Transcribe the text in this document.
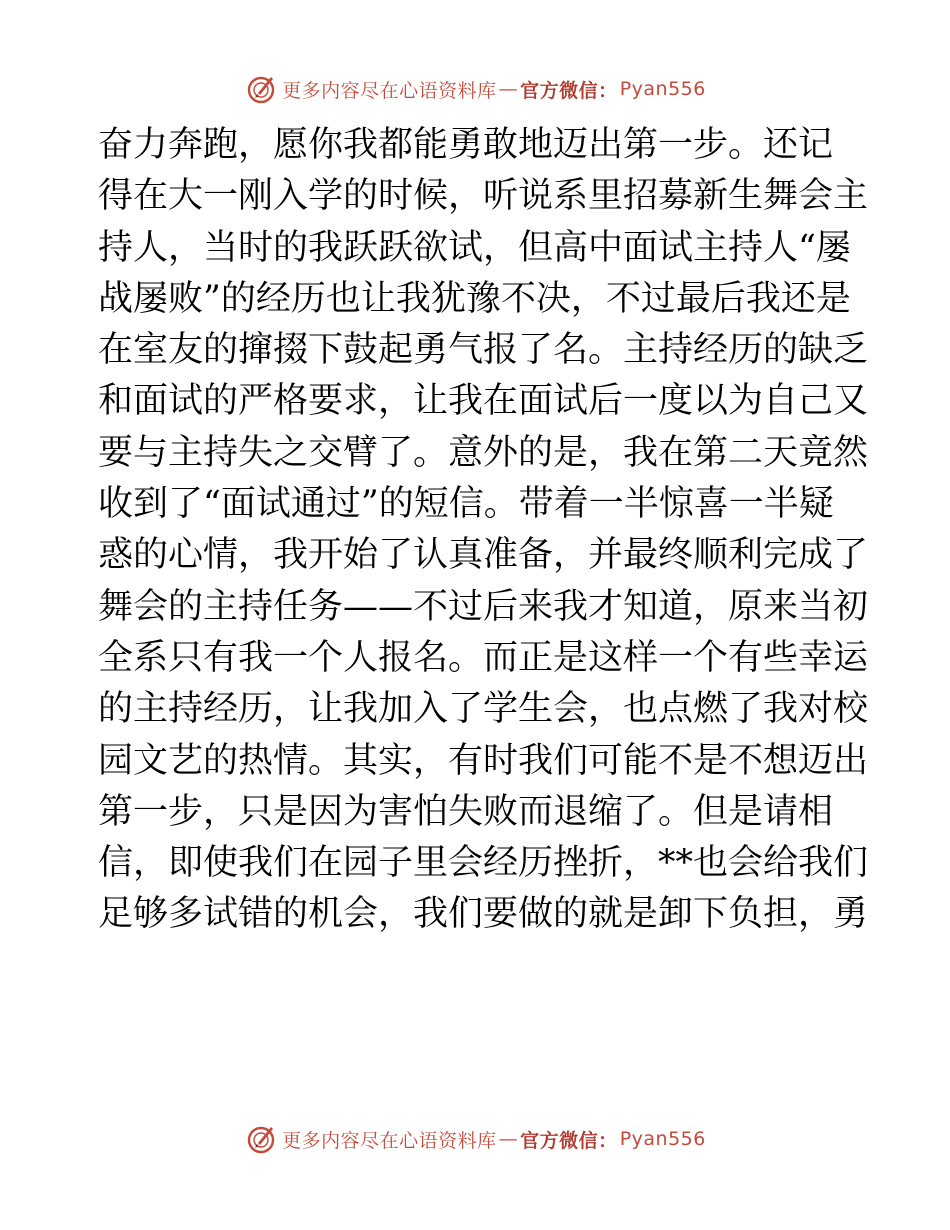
更多内容尽在心语资料库 — 官方微信： Pyan556
奋力奔跑，愿你我都能勇敢地迈出第一步。还记
得在大一刚入学的时候，听说系里招募新生舞会主
持人，当时的我跃跃欲试，但高中面试主持人“屡
战屡败”的经历也让我犹豫不决，不过最后我还是
在室友的撺掇下鼓起勇气报了名。主持经历的缺乏
和面试的严格要求，让我在面试后一度以为自己又
要与主持失之交臂了。意外的是，我在第二天竟然
收到了“面试通过”的短信。带着一半惊喜一半疑
惑的心情，我开始了认真准备，并最终顺利完成了
舞会的主持任务——不过后来我才知道，原来当初
全系只有我一个人报名。而正是这样一个有些幸运
的主持经历，让我加入了学生会，也点燃了我对校
园文艺的热情。其实，有时我们可能不是不想迈出
第一步，只是因为害怕失败而退缩了。但是请相
信，即使我们在园子里会经历挫折，**也会给我们
足够多试错的机会，我们要做的就是卸下负担，勇
更多内容尽在心语资料库 — 官方微信： Pyan556
